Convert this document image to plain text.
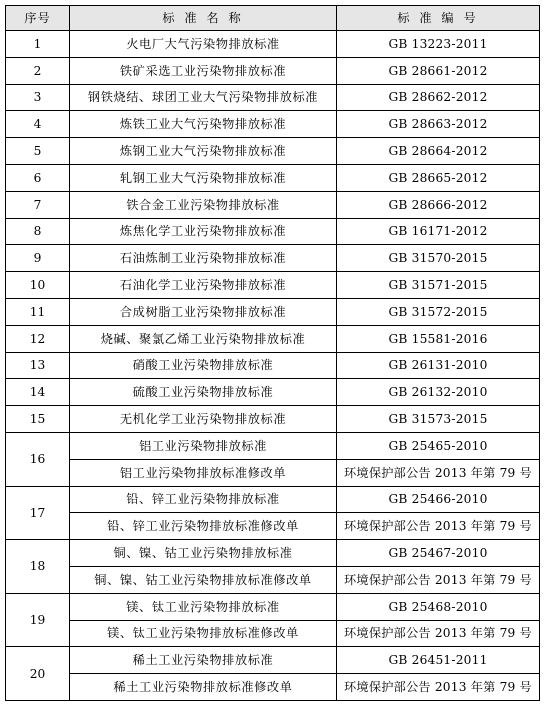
序号	标 准 名 称	标 准 编 号
1	火电厂大气污染物排放标准	GB 13223-2011
2	铁矿采选工业污染物排放标准	GB 28661-2012
3	钢铁烧结、球团工业大气污染物排放标准	GB 28662-2012
4	炼铁工业大气污染物排放标准	GB 28663-2012
5	炼钢工业大气污染物排放标准	GB 28664-2012
6	轧钢工业大气污染物排放标准	GB 28665-2012
7	铁合金工业污染物排放标准	GB 28666-2012
8	炼焦化学工业污染物排放标准	GB 16171-2012
9	石油炼制工业污染物排放标准	GB 31570-2015
10	石油化学工业污染物排放标准	GB 31571-2015
11	合成树脂工业污染物排放标准	GB 31572-2015
12	烧碱、聚氯乙烯工业污染物排放标准	GB 15581-2016
13	硝酸工业污染物排放标准	GB 26131-2010
14	硫酸工业污染物排放标准	GB 26132-2010
15	无机化学工业污染物排放标准	GB 31573-2015
16	铝工业污染物排放标准	GB 25465-2010
	铝工业污染物排放标准修改单	环境保护部公告 2013 年第 79 号
17	铅、锌工业污染物排放标准	GB 25466-2010
	铅、锌工业污染物排放标准修改单	环境保护部公告 2013 年第 79 号
18	铜、镍、钴工业污染物排放标准	GB 25467-2010
	铜、镍、钴工业污染物排放标准修改单	环境保护部公告 2013 年第 79 号
19	镁、钛工业污染物排放标准	GB 25468-2010
	镁、钛工业污染物排放标准修改单	环境保护部公告 2013 年第 79 号
20	稀土工业污染物排放标准	GB 26451-2011
	稀土工业污染物排放标准修改单	环境保护部公告 2013 年第 79 号
